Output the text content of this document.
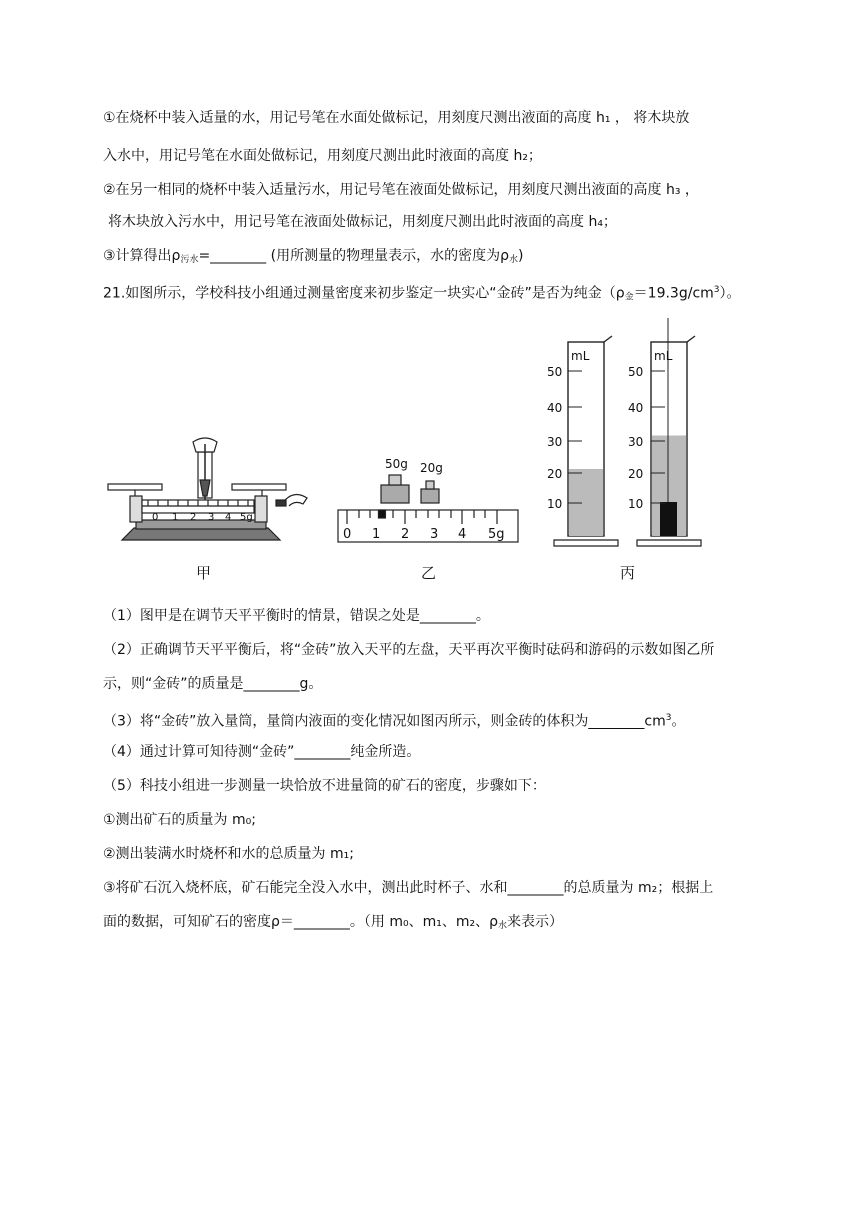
①在烧杯中装入适量的水，用记号笔在水面处做标记，用刻度尺测出液面的高度 h₁ ， 将木块放
入水中，用记号笔在水面处做标记，用刻度尺测出此时液面的高度 h₂；
②在另一相同的烧杯中装入适量污水，用记号笔在液面处做标记，用刻度尺测出液面的高度 h₃ ，
将木块放入污水中，用记号笔在液面处做标记，用刻度尺测出此时液面的高度 h₄；
③计算得出$\rho_{污水}=\_\_\_\_\_\_\_\_$ (用所测量的物理量表示，水的密度为$\rho_水$)
21.如图所示，学校科技小组通过测量密度来初步鉴定一块实心“金砖”是否为纯金$(\rho_金=19.3g/cm^3)$。
0 1 2 3 4 5g
50g 20g
0 1 2 3 4 5g
mL
50
40
30
20
10
mL
50
40
30
20
10
甲	乙	丙
（1）图甲是在调节天平平衡时的情景，错误之处是________。
（2）正确调节天平平衡后，将“金砖”放入天平的左盘，天平再次平衡时砝码和游码的示数如图乙所
示，则“金砖”的质量是________g。
（3）将“金砖”放入量筒，量筒内液面的变化情况如图丙所示，则金砖的体积为$\_\_\_\_\_\_\_\_cm^3$。
（4）通过计算可知待测“金砖”________纯金所造。
（5）科技小组进一步测量一块恰放不进量筒的矿石的密度，步骤如下：
①测出矿石的质量为 m₀;
②测出装满水时烧杯和水的总质量为 m₁;
③将矿石沉入烧杯底，矿石能完全没入水中，测出此时杯子、水和________的总质量为 m₂；根据上
面的数据，可知矿石的密度ρ＝________。（用 m₀、m₁、m₂、$\rho_水$来表示）
